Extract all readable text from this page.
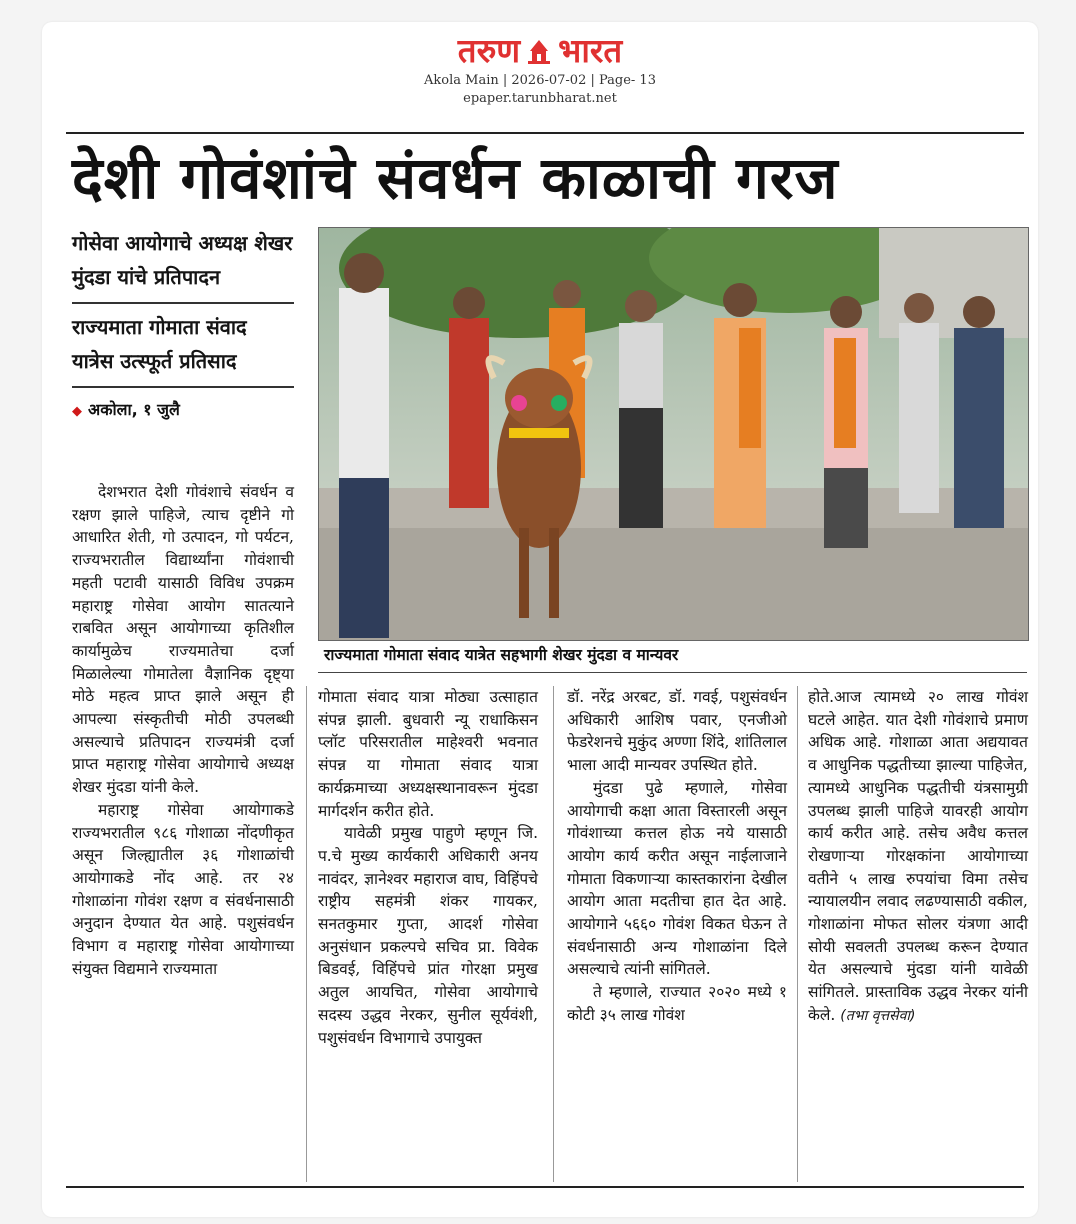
तरुण भारत
Akola Main | 2026-07-02 | Page- 13
epaper.tarunbharat.net
देशी गोवंशांचे संवर्धन काळाची गरज
गोसेवा आयोगाचे अध्यक्ष शेखर मुंदडा यांचे प्रतिपादन
राज्यमाता गोमाता संवाद यात्रेस उत्स्फूर्त प्रतिसाद
◆ अकोला, १ जुलै
राज्यमाता गोमाता संवाद यात्रेत सहभागी शेखर मुंदडा व मान्यवर

देशभरात देशी गोवंशाचे संवर्धन व रक्षण झाले पाहिजे, त्याच दृष्टीने गो आधारित शेती, गो उत्पादन, गो पर्यटन, राज्यभरातील विद्यार्थ्यांना गोवंशाची महती पटावी यासाठी विविध उपक्रम महाराष्ट्र गोसेवा आयोग सातत्याने राबवित असून आयोगाच्या कृतिशील कार्यामुळेच राज्यमातेचा दर्जा मिळालेल्या गोमातेला वैज्ञानिक दृष्ट्या मोठे महत्व प्राप्त झाले असून ही आपल्या संस्कृतीची मोठी उपलब्धी असल्याचे प्रतिपादन राज्यमंत्री दर्जा प्राप्त महाराष्ट्र गोसेवा आयोगाचे अध्यक्ष शेखर मुंदडा यांनी केले.

महाराष्ट्र गोसेवा आयोगाकडे राज्यभरातील ९८६ गोशाळा नोंदणीकृत असून जिल्ह्यातील ३६ गोशाळांची आयोगाकडे नोंद आहे. तर २४ गोशाळांना गोवंश रक्षण व संवर्धनासाठी अनुदान देण्यात येत आहे. पशुसंवर्धन विभाग व महाराष्ट्र गोसेवा आयोगाच्या संयुक्त विद्यमाने राज्यमाता

गोमाता संवाद यात्रा मोठ्या उत्साहात संपन्न झाली. बुधवारी न्यू राधाकिसन प्लॉट परिसरातील माहेश्वरी भवनात संपन्न या गोमाता संवाद यात्रा कार्यक्रमाच्या अध्यक्षस्थानावरून मुंदडा मार्गदर्शन करीत होते.

यावेळी प्रमुख पाहुणे म्हणून जि. प.चे मुख्य कार्यकारी अधिकारी अनय नावंदर, ज्ञानेश्वर महाराज वाघ, विहिंपचे राष्ट्रीय सहमंत्री शंकर गायकर, सनतकुमार गुप्ता, आदर्श गोसेवा अनुसंधान प्रकल्पचे सचिव प्रा. विवेक बिडवई, विहिंपचे प्रांत गोरक्षा प्रमुख अतुल आयचित, गोसेवा आयोगाचे सदस्य उद्धव नेरकर, सुनील सूर्यवंशी, पशुसंवर्धन विभागाचे उपायुक्त

डॉ. नरेंद्र अरबट, डॉ. गवई, पशुसंवर्धन अधिकारी आशिष पवार, एनजीओ फेडरेशनचे मुकुंद अण्णा शिंदे, शांतिलाल भाला आदी मान्यवर उपस्थित होते.

मुंदडा पुढे म्हणाले, गोसेवा आयोगाची कक्षा आता विस्तारली असून गोवंशाच्या कत्तल होऊ नये यासाठी आयोग कार्य करीत असून नाईलाजाने गोमाता विकणाऱ्या कास्तकारांना देखील आयोग आता मदतीचा हात देत आहे. आयोगाने ५६६० गोवंश विकत घेऊन ते संवर्धनासाठी अन्य गोशाळांना दिले असल्याचे त्यांनी सांगितले.

ते म्हणाले, राज्यात २०२० मध्ये १ कोटी ३५ लाख गोवंश

होते.आज त्यामध्ये २० लाख गोवंश घटले आहेत. यात देशी गोवंशाचे प्रमाण अधिक आहे. गोशाळा आता अद्ययावत व आधुनिक पद्धतीच्या झाल्या पाहिजेत, त्यामध्ये आधुनिक पद्धतीची यंत्रसामुग्री उपलब्ध झाली पाहिजे यावरही आयोग कार्य करीत आहे. तसेच अवैध कत्तल रोखणाऱ्या गोरक्षकांना आयोगाच्या वतीने ५ लाख रुपयांचा विमा तसेच न्यायालयीन लवाद लढण्यासाठी वकील, गोशाळांना मोफत सोलर यंत्रणा आदी सोयी सवलती उपलब्ध करून देण्यात येत असल्याचे मुंदडा यांनी यावेळी सांगितले. प्रास्ताविक उद्धव नेरकर यांनी केले. (तभा वृत्तसेवा)
